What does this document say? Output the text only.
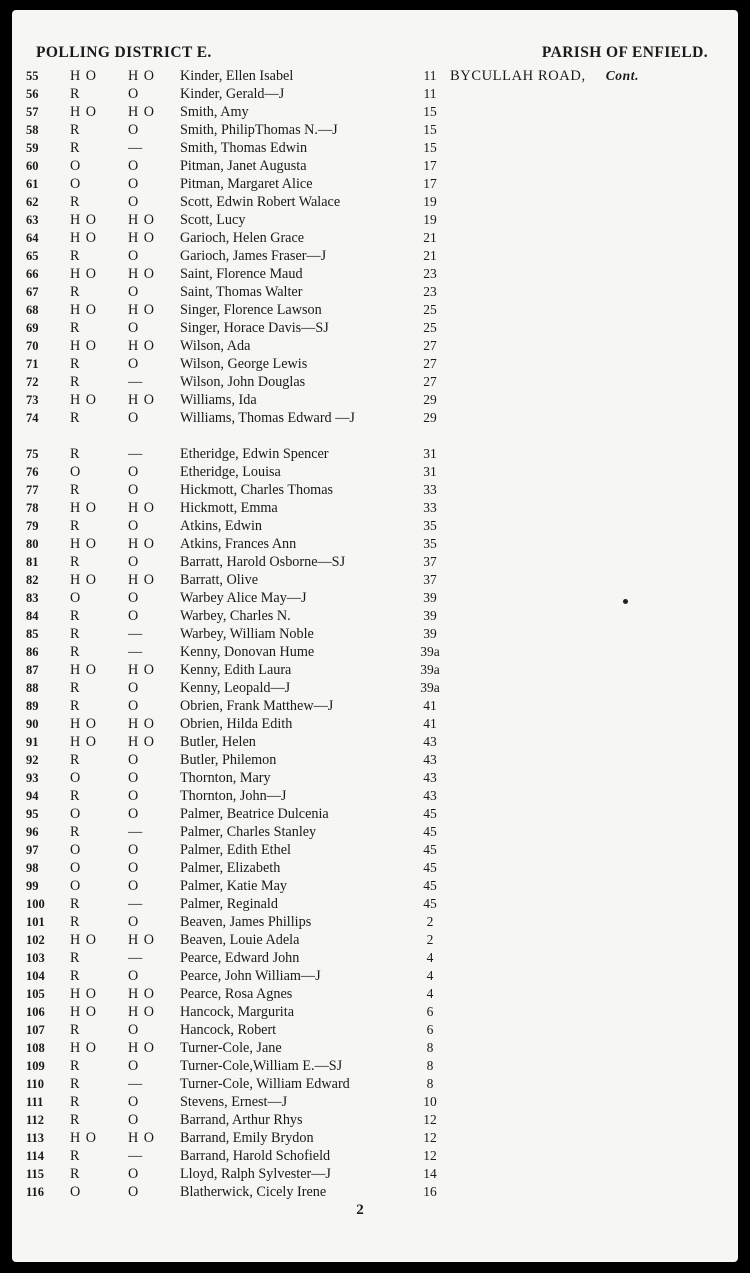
POLLING DISTRICT E.	PARISH OF ENFIELD.
55	H O	H O	Kinder, Ellen Isabel	11 BYCULLAH ROAD, Cont.
56	R	O	Kinder, Gerald—J	11
57	H O	H O	Smith, Amy	15
58	R	O	Smith, PhilipThomas N.—J	15
59	R	—	Smith, Thomas Edwin	15
60	O	O	Pitman, Janet Augusta	17
61	O	O	Pitman, Margaret Alice	17
62	R	O	Scott, Edwin Robert Walace	19
63	H O	H O	Scott, Lucy	19
64	H O	H O	Garioch, Helen Grace	21
65	R	O	Garioch, James Fraser—J	21
66	H O	H O	Saint, Florence Maud	23
67	R	O	Saint, Thomas Walter	23
68	H O	H O	Singer, Florence Lawson	25
69	R	O	Singer, Horace Davis—SJ	25
70	H O	H O	Wilson, Ada	27
71	R	O	Wilson, George Lewis	27
72	R	—	Wilson, John Douglas	27
73	H O	H O	Williams, Ida	29
74	R	O	Williams, Thomas Edward —J	29
75	R	—	Etheridge, Edwin Spencer	31
76	O	O	Etheridge, Louisa	31
77	R	O	Hickmott, Charles Thomas	33
78	H O	H O	Hickmott, Emma	33
79	R	O	Atkins, Edwin	35
80	H O	H O	Atkins, Frances Ann	35
81	R	O	Barratt, Harold Osborne—SJ	37
82	H O	H O	Barratt, Olive	37
83	O	O	Warbey Alice May—J	39
84	R	O	Warbey, Charles N.	39
85	R	—	Warbey, William Noble	39
86	R	—	Kenny, Donovan Hume	39a
87	H O	H O	Kenny, Edith Laura	39a
88	R	O	Kenny, Leopald—J	39a
89	R	O	Obrien, Frank Matthew—J	41
90	H O	H O	Obrien, Hilda Edith	41
91	H O	H O	Butler, Helen	43
92	R	O	Butler, Philemon	43
93	O	O	Thornton, Mary	43
94	R	O	Thornton, John—J	43
95	O	O	Palmer, Beatrice Dulcenia	45
96	R	—	Palmer, Charles Stanley	45
97	O	O	Palmer, Edith Ethel	45
98	O	O	Palmer, Elizabeth	45
99	O	O	Palmer, Katie May	45
100	R	—	Palmer, Reginald	45
101	R	O	Beaven, James Phillips	2
102	H O	H O	Beaven, Louie Adela	2
103	R	—	Pearce, Edward John	4
104	R	O	Pearce, John William—J	4
105	H O	H O	Pearce, Rosa Agnes	4
106	H O	H O	Hancock, Margurita	6
107	R	O	Hancock, Robert	6
108	H O	H O	Turner-Cole, Jane	8
109	R	O	Turner-Cole,William E.—SJ	8
110	R	—	Turner-Cole, William Edward	8
111	R	O	Stevens, Ernest—J	10
112	R	O	Barrand, Arthur Rhys	12
113	H O	H O	Barrand, Emily Brydon	12
114	R	—	Barrand, Harold Schofield	12
115	R	O	Lloyd, Ralph Sylvester—J	14
116	O	O	Blatherwick, Cicely Irene	16
2
